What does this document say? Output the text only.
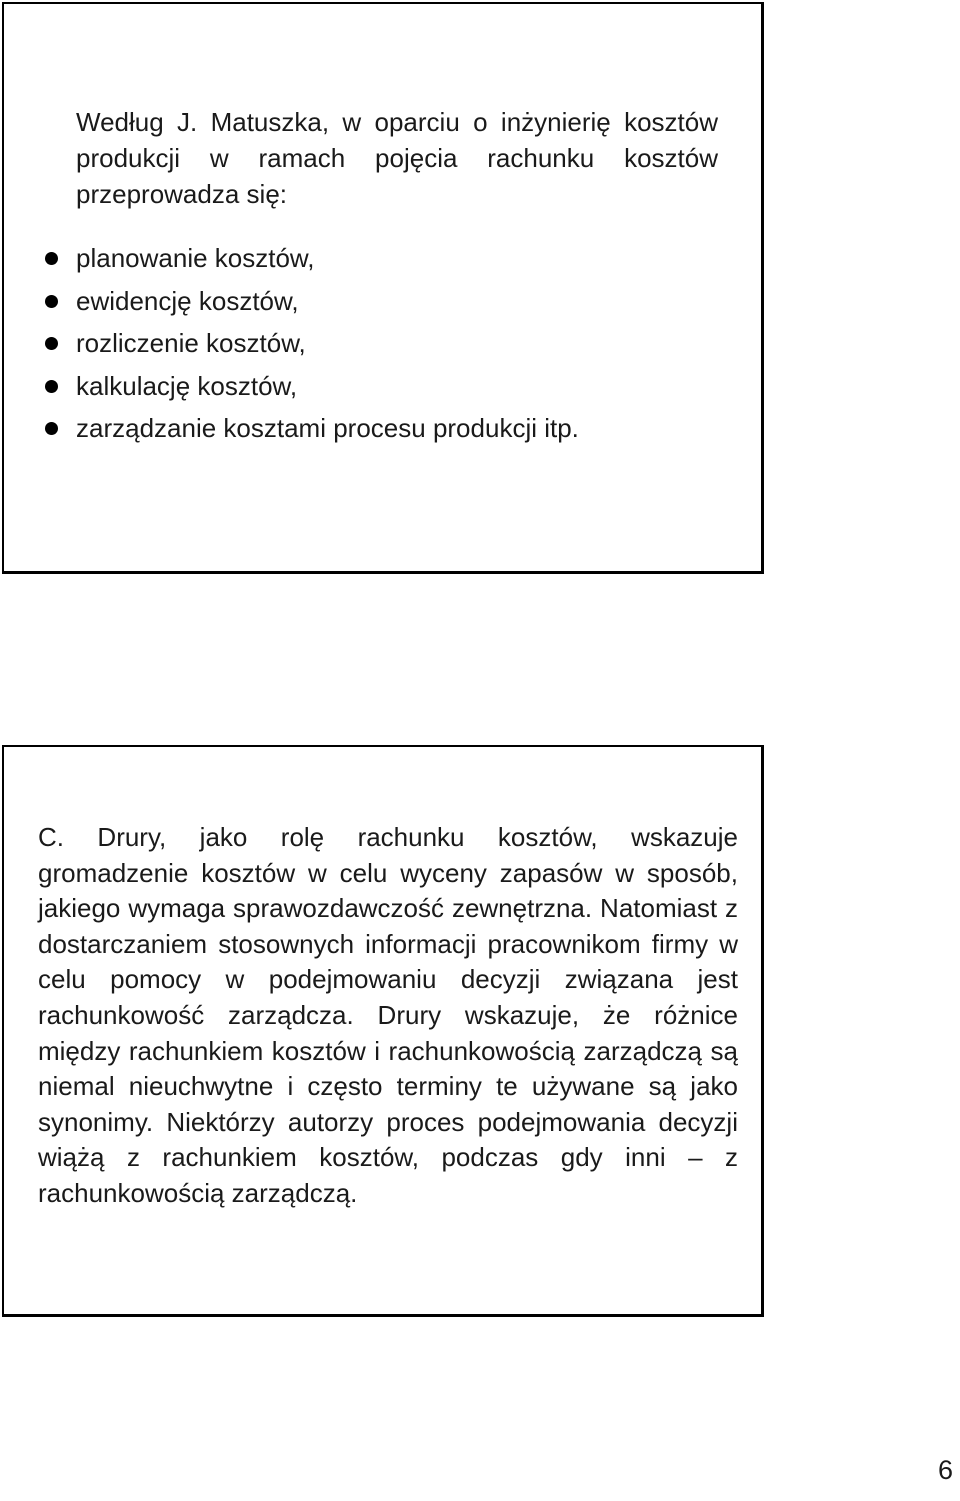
Według J. Matuszka, w oparciu o inżynierię kosztów produkcji w ramach pojęcia rachunku kosztów przeprowadza się:

planowanie kosztów,
ewidencję kosztów,
rozliczenie kosztów,
kalkulację kosztów,
zarządzanie kosztami procesu produkcji itp.

C. Drury, jako rolę rachunku kosztów, wskazuje gromadzenie kosztów w celu wyceny zapasów w sposób, jakiego wymaga sprawozdawczość zewnętrzna. Natomiast z dostarczaniem stosownych informacji pracownikom firmy w celu pomocy w podejmowaniu decyzji związana jest rachunkowość zarządcza. Drury wskazuje, że różnice między rachunkiem kosztów i rachunkowością zarządczą są niemal nieuchwytne i często terminy te używane są jako synonimy. Niektórzy autorzy proces podejmowania decyzji wiążą z rachunkiem kosztów, podczas gdy inni – z rachunkowością zarządczą.

6
